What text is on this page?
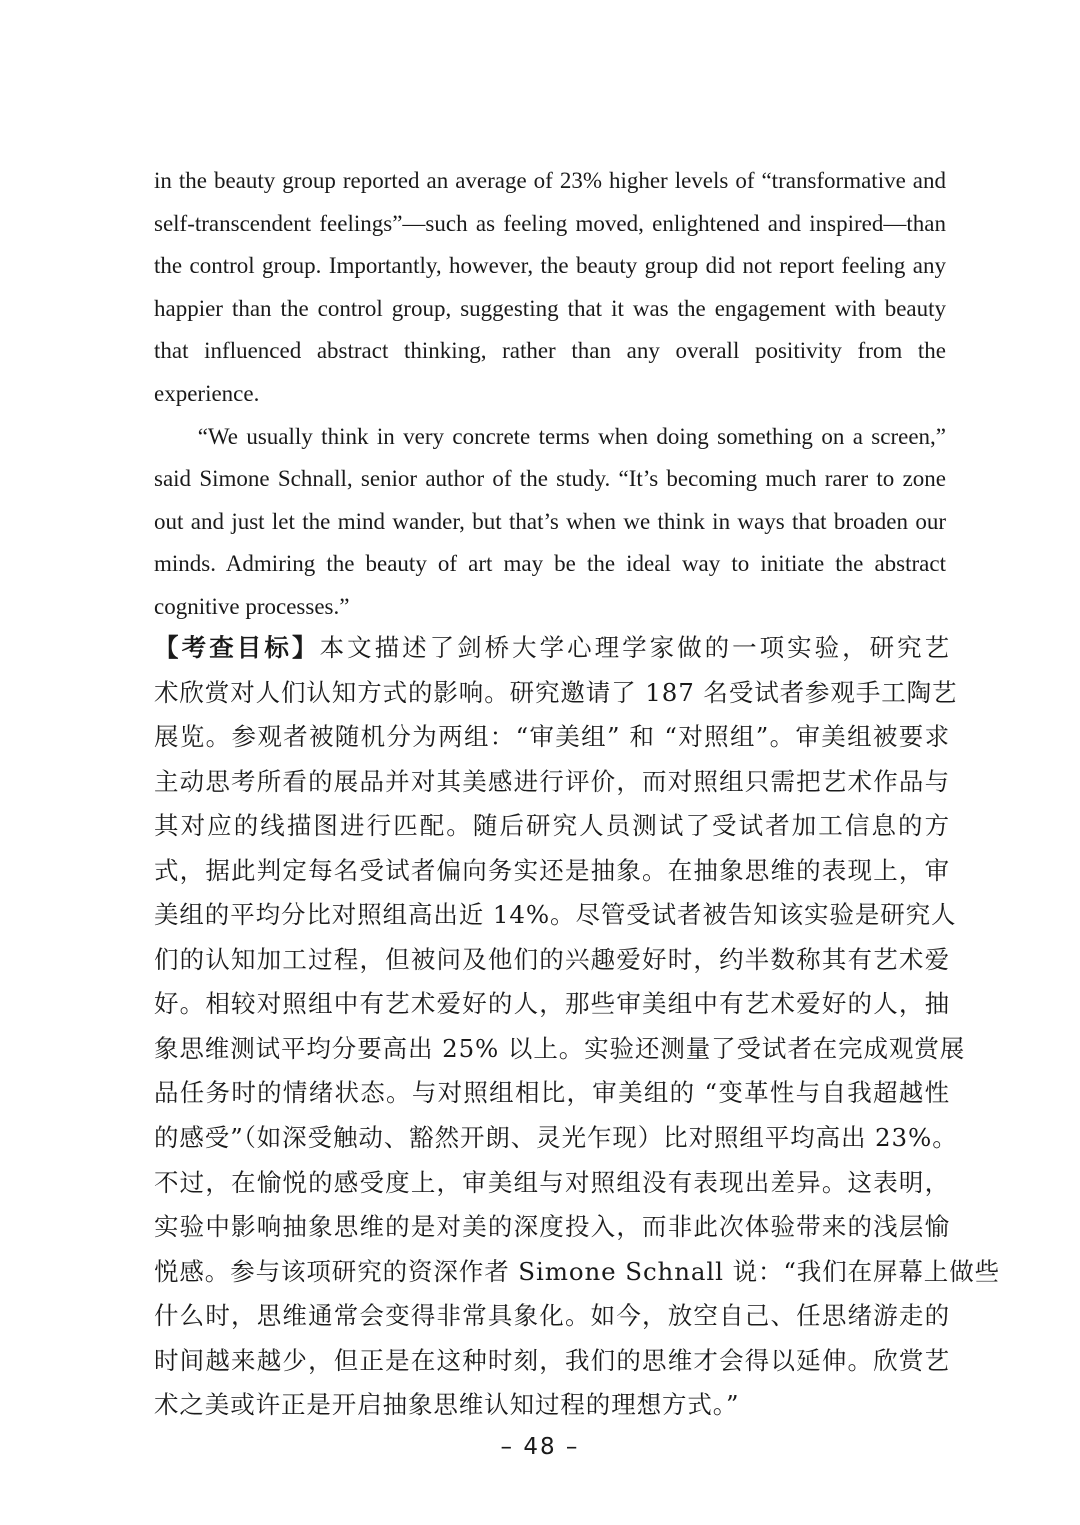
in the beauty group reported an average of 23% higher levels of “transformative and self-transcendent feelings”—such as feeling moved, enlightened and inspired—than the control group. Importantly, however, the beauty group did not report feeling any happier than the control group, suggesting that it was the engagement with beauty that influenced abstract thinking, rather than any overall positivity from the experience.

“We usually think in very concrete terms when doing something on a screen,” said Simone Schnall, senior author of the study. “It’s becoming much rarer to zone out and just let the mind wander, but that’s when we think in ways that broaden our minds. Admiring the beauty of art may be the ideal way to initiate the abstract cognitive processes.”

【考查目标】本文描述了剑桥大学心理学家做的一项实验，研究艺
术欣赏对人们认知方式的影响。研究邀请了 187 名受试者参观手工陶艺
展览。参观者被随机分为两组：“审美组” 和 “对照组”。审美组被要求
主动思考所看的展品并对其美感进行评价，而对照组只需把艺术作品与
其对应的线描图进行匹配。随后研究人员测试了受试者加工信息的方
式，据此判定每名受试者偏向务实还是抽象。在抽象思维的表现上，审
美组的平均分比对照组高出近 14%。尽管受试者被告知该实验是研究人
们的认知加工过程，但被问及他们的兴趣爱好时，约半数称其有艺术爱
好。相较对照组中有艺术爱好的人，那些审美组中有艺术爱好的人，抽
象思维测试平均分要高出 25% 以上。实验还测量了受试者在完成观赏展
品任务时的情绪状态。与对照组相比，审美组的 “变革性与自我超越性
的感受”（如深受触动、豁然开朗、灵光乍现）比对照组平均高出 23%。
不过，在愉悦的感受度上，审美组与对照组没有表现出差异。这表明，
实验中影响抽象思维的是对美的深度投入，而非此次体验带来的浅层愉
悦感。参与该项研究的资深作者 Simone Schnall 说：“我们在屏幕上做些
什么时，思维通常会变得非常具象化。如今，放空自己、任思绪游走的
时间越来越少，但正是在这种时刻，我们的思维才会得以延伸。欣赏艺
术之美或许正是开启抽象思维认知过程的理想方式。”
– 48 –
